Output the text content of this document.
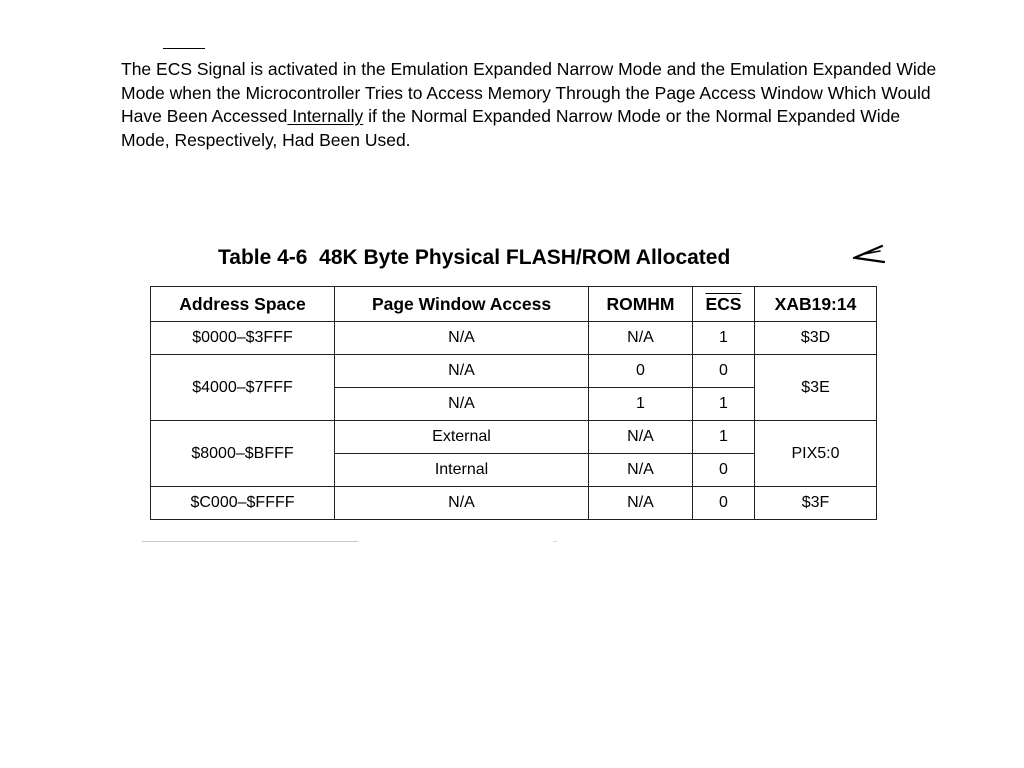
The ECS Signal is activated in the Emulation Expanded Narrow Mode and the Emulation Expanded Wide Mode when the Microcontroller Tries to Access Memory Through the Page Access Window Which Would Have Been Accessed Internally if the Normal Expanded Narrow Mode or the Normal Expanded Wide Mode, Respectively, Had Been Used.

Table 4-6  48K Byte Physical FLASH/ROM Allocated

Address Space	Page Window Access	ROMHM	$\overline{ECS}$	XAB19:14
$0000–$3FFF	N/A	N/A	1	$3D
$4000–$7FFF	N/A	0	0	$3E
	N/A	1	1	
$8000–$BFFF	External	N/A	1	PIX5:0
	Internal	N/A	0	
$C000–$FFFF	N/A	N/A	0	$3F
